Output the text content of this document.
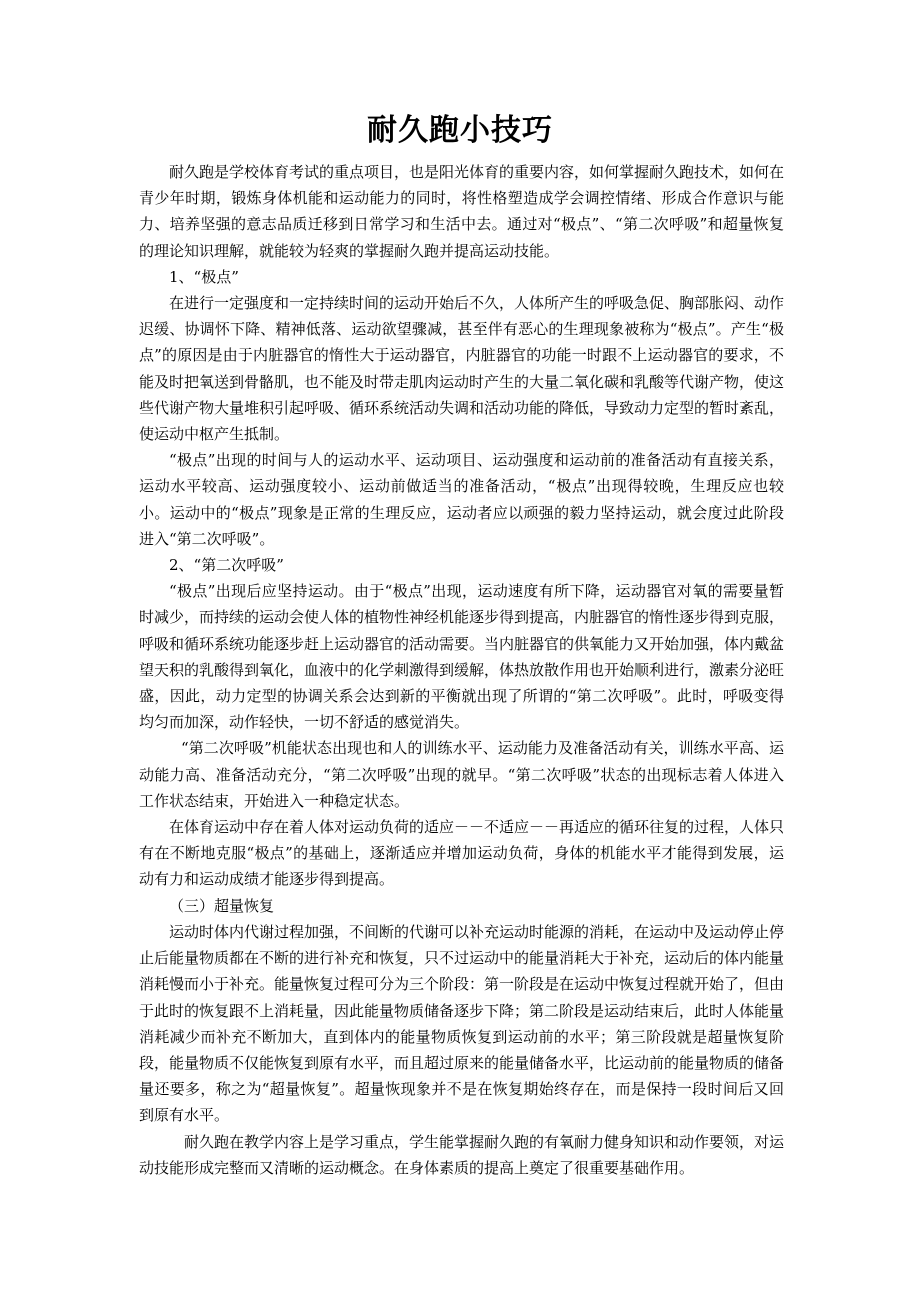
耐久跑小技巧

耐久跑是学校体育考试的重点项目，也是阳光体育的重要内容，如何掌握耐久跑技术，如何在青少年时期，锻炼身体机能和运动能力的同时，将性格塑造成学会调控情绪、形成合作意识与能力、培养坚强的意志品质迁移到日常学习和生活中去。通过对“极点”、“第二次呼吸”和超量恢复的理论知识理解，就能较为轻爽的掌握耐久跑并提高运动技能。

1、“极点”

在进行一定强度和一定持续时间的运动开始后不久，人体所产生的呼吸急促、胸部胀闷、动作迟缓、协调怀下降、精神低落、运动欲望骤减，甚至伴有恶心的生理现象被称为“极点”。产生“极点”的原因是由于内脏器官的惰性大于运动器官，内脏器官的功能一时跟不上运动器官的要求，不能及时把氧送到骨骼肌，也不能及时带走肌肉运动时产生的大量二氧化碳和乳酸等代谢产物，使这些代谢产物大量堆积引起呼吸、循环系统活动失调和活动功能的降低，导致动力定型的暂时紊乱，使运动中枢产生抵制。

“极点”出现的时间与人的运动水平、运动项目、运动强度和运动前的准备活动有直接关系，运动水平较高、运动强度较小、运动前做适当的准备活动，“极点”出现得较晚，生理反应也较小。运动中的“极点”现象是正常的生理反应，运动者应以顽强的毅力坚持运动，就会度过此阶段进入“第二次呼吸”。

2、“第二次呼吸”

“极点”出现后应坚持运动。由于“极点”出现，运动速度有所下降，运动器官对氧的需要量暂时减少，而持续的运动会使人体的植物性神经机能逐步得到提高，内脏器官的惰性逐步得到克服，呼吸和循环系统功能逐步赶上运动器官的活动需要。当内脏器官的供氧能力又开始加强，体内戴盆望天积的乳酸得到氧化，血液中的化学刺激得到缓解，体热放散作用也开始顺利进行，激素分泌旺盛，因此，动力定型的协调关系会达到新的平衡就出现了所谓的“第二次呼吸”。此时，呼吸变得均匀而加深，动作轻快，一切不舒适的感觉消失。

“第二次呼吸”机能状态出现也和人的训练水平、运动能力及准备活动有关，训练水平高、运动能力高、准备活动充分，“第二次呼吸”出现的就早。“第二次呼吸”状态的出现标志着人体进入工作状态结束，开始进入一种稳定状态。

在体育运动中存在着人体对运动负荷的适应－－不适应－－再适应的循环往复的过程，人体只有在不断地克服“极点”的基础上，逐渐适应并增加运动负荷，身体的机能水平才能得到发展，运动有力和运动成绩才能逐步得到提高。

（三）超量恢复

运动时体内代谢过程加强，不间断的代谢可以补充运动时能源的消耗，在运动中及运动停止停止后能量物质都在不断的进行补充和恢复，只不过运动中的能量消耗大于补充，运动后的体内能量消耗慢而小于补充。能量恢复过程可分为三个阶段：第一阶段是在运动中恢复过程就开始了，但由于此时的恢复跟不上消耗量，因此能量物质储备逐步下降；第二阶段是运动结束后，此时人体能量消耗减少而补充不断加大，直到体内的能量物质恢复到运动前的水平；第三阶段就是超量恢复阶段，能量物质不仅能恢复到原有水平，而且超过原来的能量储备水平，比运动前的能量物质的储备量还要多，称之为“超量恢复”。超量恢现象并不是在恢复期始终存在，而是保持一段时间后又回到原有水平。

耐久跑在教学内容上是学习重点，学生能掌握耐久跑的有氧耐力健身知识和动作要领，对运动技能形成完整而又清晰的运动概念。在身体素质的提高上奠定了很重要基础作用。
